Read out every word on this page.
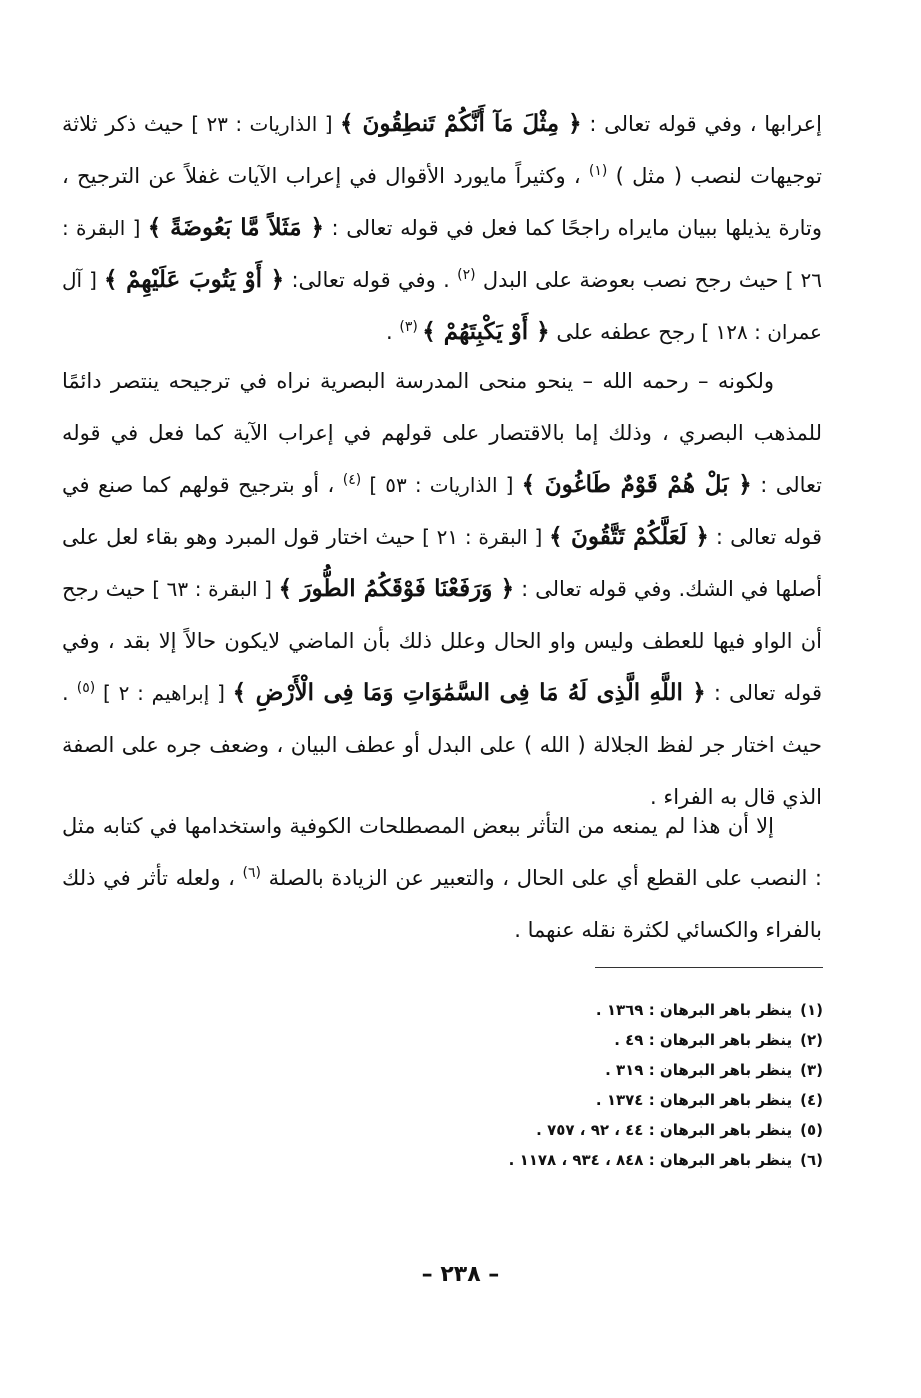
إعرابها ، وفي قوله تعالى : ﴿ مِثْلَ مَآ أَنَّكُمْ تَنطِقُونَ ﴾ [ الذاريات : ٢٣ ] حيث ذكر ثلاثة توجيهات لنصب ( مثل ) $^{(١)}$ ، وكثيراً مايورد الأقوال في إعراب الآيات غفلاً عن الترجيح ، وتارة يذيلها ببيان مايراه راجحًا كما فعل في قوله تعالى : ﴿ مَثَلاً مَّا بَعُوضَةً ﴾ [ البقرة : ٢٦ ] حيث رجح نصب بعوضة على البدل $^{(٢)}$ . وفي قوله تعالى: ﴿ أَوْ يَتُوبَ عَلَيْهِمْ ﴾ [ آل عمران : ١٢٨ ] رجح عطفه على ﴿ أَوْ يَكْبِتَهُمْ ﴾ $^{(٣)}$ .

ولكونه – رحمه الله – ينحو منحى المدرسة البصرية نراه في ترجيحه ينتصر دائمًا للمذهب البصري ، وذلك إما بالاقتصار على قولهم في إعراب الآية كما فعل في قوله تعالى : ﴿ بَلْ هُمْ قَوْمٌ طَاغُونَ ﴾ [ الذاريات : ٥٣ ] $^{(٤)}$ ، أو بترجيح قولهم كما صنع في قوله تعالى : ﴿ لَعَلَّكُمْ تَتَّقُونَ ﴾ [ البقرة : ٢١ ] حيث اختار قول المبرد وهو بقاء لعل على أصلها في الشك. وفي قوله تعالى : ﴿ وَرَفَعْنَا فَوْقَكُمُ الطُّورَ ﴾ [ البقرة : ٦٣ ] حيث رجح أن الواو فيها للعطف وليس واو الحال وعلل ذلك بأن الماضي لايكون حالاً إلا بقد ، وفي قوله تعالى : ﴿ اللَّهِ الَّذِى لَهُ مَا فِى السَّمَٰوَاتِ وَمَا فِى الْأَرْضِ ﴾ [ إبراهيم : ٢ ] $^{(٥)}$ . حيث اختار جر لفظ الجلالة ( الله ) على البدل أو عطف البيان ، وضعف جره على الصفة الذي قال به الفراء .

إلا أن هذا لم يمنعه من التأثر ببعض المصطلحات الكوفية واستخدامها في كتابه مثل : النصب على القطع أي على الحال ، والتعبير عن الزيادة بالصلة $^{(٦)}$ ، ولعله تأثر في ذلك بالفراء والكسائي لكثرة نقله عنهما .

(١)ينظر باهر البرهان : ١٣٦٩ .
(٢)ينظر باهر البرهان : ٤٩ .
(٣)ينظر باهر البرهان : ٣١٩ .
(٤)ينظر باهر البرهان : ١٣٧٤ .
(٥)ينظر باهر البرهان : ٤٤ ، ٩٢ ، ٧٥٧ .
(٦)ينظر باهر البرهان : ٨٤٨ ، ٩٣٤ ، ١١٧٨ .
– ٢٣٨ –
